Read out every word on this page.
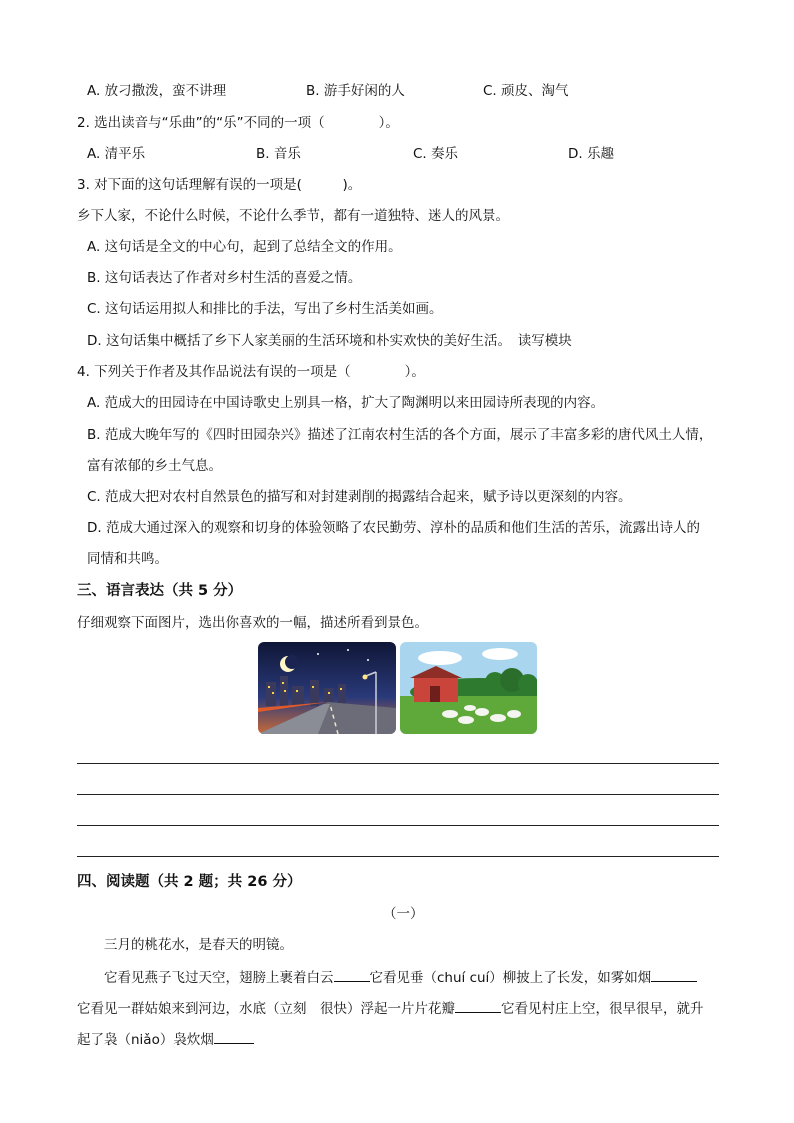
A. 放刁撒泼，蛮不讲理	B. 游手好闲的人	C. 顽皮、淘气
2. 选出读音与“乐曲”的“乐”不同的一项（　　　　）。
A. 清平乐	B. 音乐	C. 奏乐	D. 乐趣
3. 对下面的这句话理解有误的一项是(　　　)。
乡下人家，不论什么时候，不论什么季节，都有一道独特、迷人的风景。
A. 这句话是全文的中心句，起到了总结全文的作用。
B. 这句话表达了作者对乡村生活的喜爱之情。
C. 这句话运用拟人和排比的手法，写出了乡村生活美如画。
D. 这句话集中概括了乡下人家美丽的生活环境和朴实欢快的美好生活。　读写模块
4. 下列关于作者及其作品说法有误的一项是（　　　　）。
A. 范成大的田园诗在中国诗歌史上别具一格，扩大了陶渊明以来田园诗所表现的内容。
B. 范成大晚年写的《四时田园杂兴》描述了江南农村生活的各个方面，展示了丰富多彩的唐代风土人情，
富有浓郁的乡土气息。
C. 范成大把对农村自然景色的描写和对封建剥削的揭露结合起来，赋予诗以更深刻的内容。
D. 范成大通过深入的观察和切身的体验领略了农民勤劳、淳朴的品质和他们生活的苦乐，流露出诗人的
同情和共鸣。
三、语言表达（共 5 分）
仔细观察下面图片，选出你喜欢的一幅，描述所看到景色。
四、阅读题（共 2 题；共 26 分）
（一）
三月的桃花水，是春天的明镜。
它看见燕子飞过天空，翅膀上裹着白云	它看见垂（chuí cuí）柳披上了长发，如雾如烟
它看见一群姑娘来到河边，水底（立刻　很快）浮起一片片花瓣	它看见村庄上空，很早很早，就升
起了袅（niǎo）袅炊烟
